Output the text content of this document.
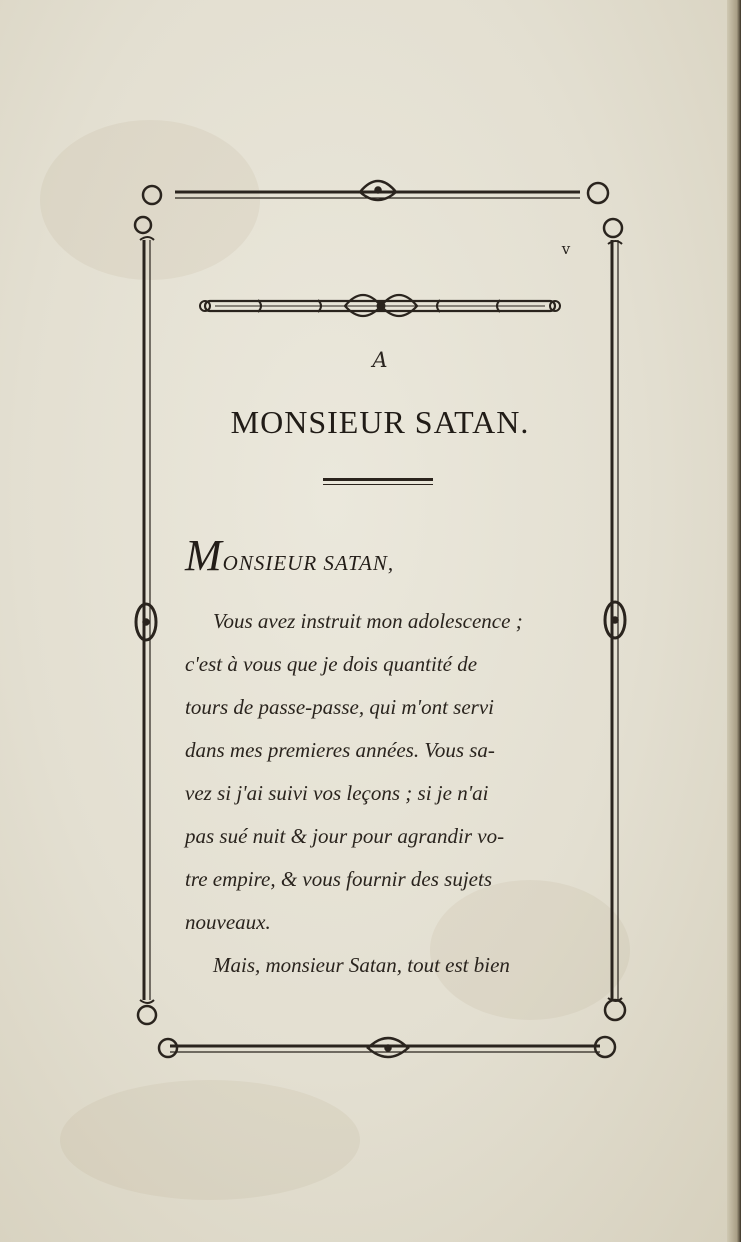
v
A
MONSIEUR SATAN.
MONSIEUR SATAN,
Vous avez instruit mon adolescence ;
c'est à vous que je dois quantité de
tours de passe-passe, qui m'ont servi
dans mes premieres années. Vous sa-
vez si j'ai suivi vos leçons ; si je n'ai
pas sué nuit & jour pour agrandir vo-
tre empire, & vous fournir des sujets
nouveaux.
Mais, monsieur Satan, tout est bien
